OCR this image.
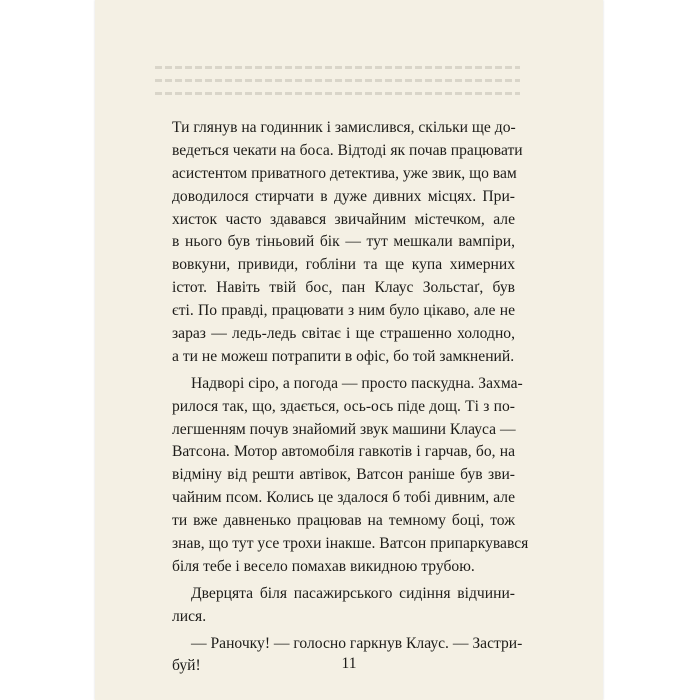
Ти глянув на годинник і замислився, скільки ще до-
ведеться чекати на боса. Відтоді як почав працювати
асистентом приватного детектива, уже звик, що вам
доводилося стирчати в дуже дивних місцях. При-
хисток часто здавався звичайним містечком, але
в нього був тіньовий бік — тут мешкали вампіри,
вовкуни, привиди, гобліни та ще купа химерних
істот. Навіть твій бос, пан Клаус Зольстаґ, був
єті. По правді, працювати з ним було цікаво, але не
зараз — ледь-ледь світає і ще страшенно холодно,
а ти не можеш потрапити в офіс, бо той замкнений.
Надворі сіро, а погода — просто паскудна. Захма-
рилося так, що, здається, ось-ось піде дощ. Ті з по-
легшенням почув знайомий звук машини Клауса —
Ватсона. Мотор автомобіля гавкотів і гарчав, бо, на
відміну від решти автівок, Ватсон раніше був зви-
чайним псом. Колись це здалося б тобі дивним, але
ти вже давненько працював на темному боці, тож
знав, що тут усе трохи інакше. Ватсон припаркувався
біля тебе і весело помахав викидною трубою.
Дверцята біля пасажирського сидіння відчини-
лися.
— Раночку! — голосно гаркнув Клаус. — Застри-
буй!	11
